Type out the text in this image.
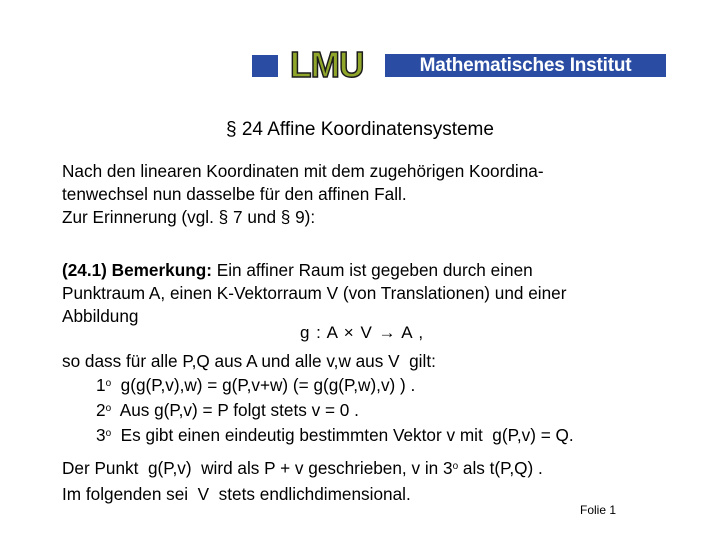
LMU	Mathematisches Institut
§ 24 Affine Koordinatensysteme
Nach den linearen Koordinaten mit dem zugehörigen Koordina-
tenwechsel nun dasselbe für den affinen Fall.
Zur Erinnerung (vgl. § 7 und § 9):
(24.1) Bemerkung: Ein affiner Raum ist gegeben durch einen
Punktraum A, einen K-Vektorraum V (von Translationen) und einer
Abbildung
g : A × V → A ,
so dass für alle P,Q aus A und alle v,w aus V  gilt:
1$^o$  g(g(P,v),w) = g(P,v+w) (= g(g(P,w),v) ) .
2$^o$  Aus g(P,v) = P folgt stets v = 0 .
3$^o$  Es gibt einen eindeutig bestimmten Vektor v mit  g(P,v) = Q.
Der Punkt  g(P,v)  wird als P + v geschrieben, v in 3$^o$ als t(P,Q) .
Im folgenden sei  V  stets endlichdimensional.
Folie 1
